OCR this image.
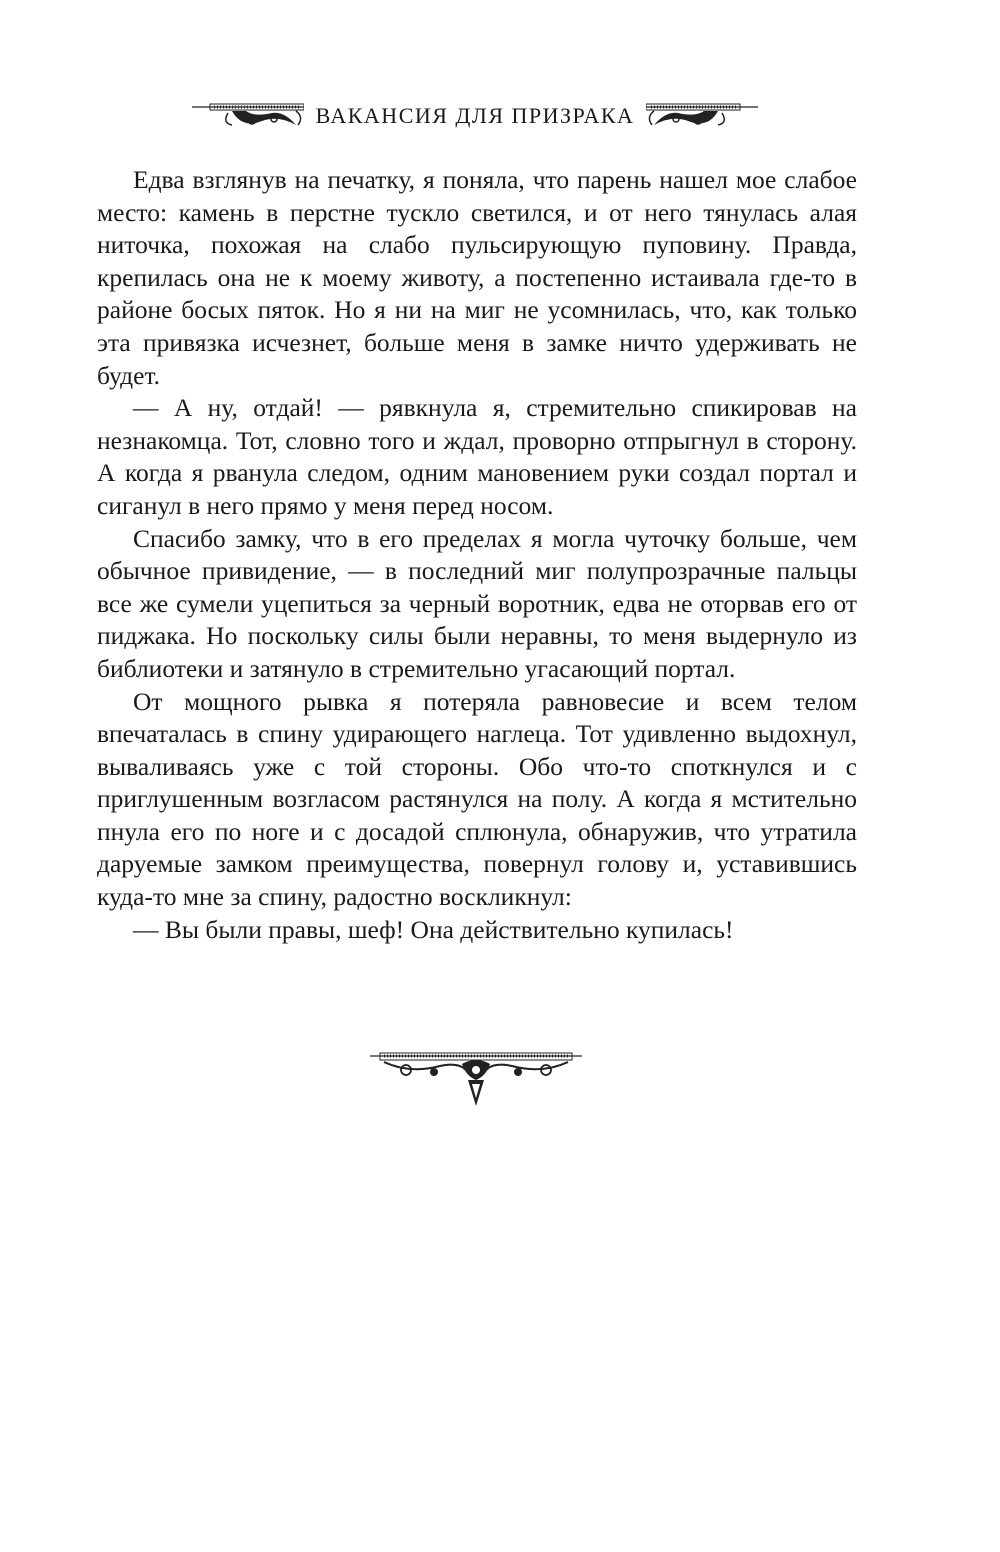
ВАКАНСИЯ ДЛЯ ПРИЗРАКА

Едва взглянув на печатку, я поняла, что парень нашел мое слабое место: камень в перстне тускло светился, и от него тянулась алая ниточка, похожая на слабо пульсирующую пуповину. Правда, крепилась она не к моему животу, а постепенно истаивала где-то в районе босых пяток. Но я ни на миг не усомнилась, что, как только эта привязка исчезнет, больше меня в замке ничто удерживать не будет.

— А ну, отдай! — рявкнула я, стремительно спикировав на незнакомца. Тот, словно того и ждал, проворно отпрыгнул в сторону. А когда я рванула следом, одним мановением руки создал портал и сиганул в него прямо у меня перед носом.

Спасибо замку, что в его пределах я могла чуточку больше, чем обычное привидение, — в последний миг полупрозрачные пальцы все же сумели уцепиться за черный воротник, едва не оторвав его от пиджака. Но поскольку силы были неравны, то меня выдернуло из библиотеки и затянуло в стремительно угасающий портал.

От мощного рывка я потеряла равновесие и всем телом впечаталась в спину удирающего наглеца. Тот удивленно выдохнул, вываливаясь уже с той стороны. Обо что-то споткнулся и с приглушенным возгласом растянулся на полу. А когда я мстительно пнула его по ноге и с досадой сплюнула, обнаружив, что утратила даруемые замком преимущества, повернул голову и, уставившись куда-то мне за спину, радостно воскликнул:

— Вы были правы, шеф! Она действительно купилась!
